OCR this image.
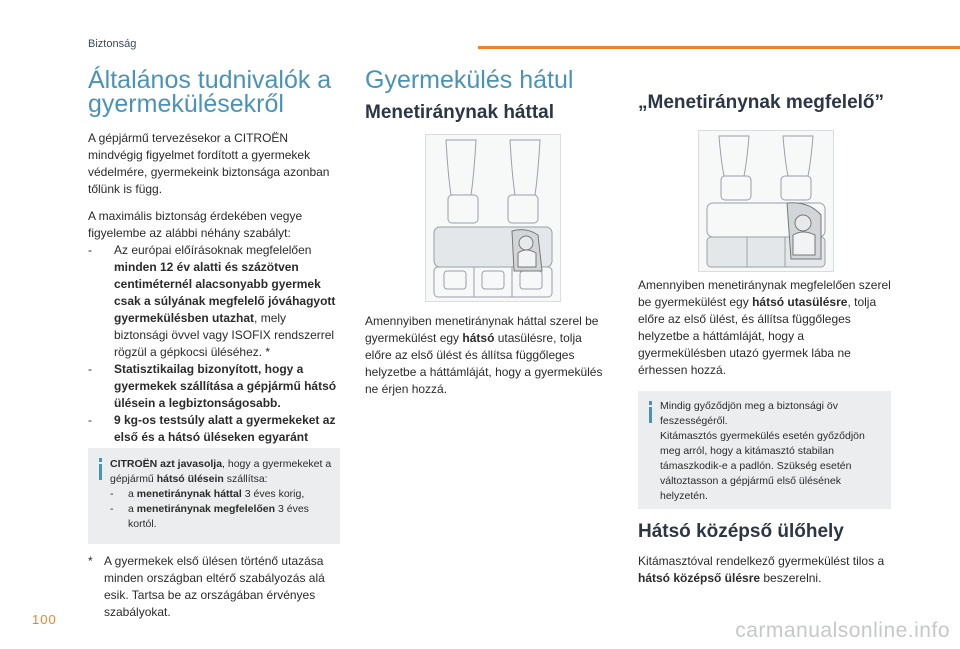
Biztonság
Általános tudnivalók a gyermekülésekről

A gépjármű tervezésekor a CITROËN mindvégig figyelmet fordított a gyermekek védelmére, gyermekeink biztonsága azonban tőlünk is függ.

A maximális biztonság érdekében vegye figyelembe az alábbi néhány szabályt:

-	Az európai előírásoknak megfelelően minden 12 év alatti és százötven centiméternél alacsonyabb gyermek csak a súlyának megfelelő jóváhagyott gyermekülésben utazhat, mely biztonsági övvel vagy ISOFIX rendszerrel rögzül a gépkocsi üléséhez. *
-	Statisztikailag bizonyított, hogy a gyermekek szállítása a gépjármű hátsó ülésein a legbiztonságosabb.
-	9 kg-os testsúly alatt a gyermekeket az első és a hátsó üléseken egyaránt
CITROËN azt javasolja, hogy a gyermekeket a gépjármű hátsó ülésein szállítsa:
-	a menetiránynak háttal 3 éves korig,
-	a menetiránynak megfelelően 3 éves kortól.
* A gyermekek első ülésen történő utazása minden országban eltérő szabályozás alá esik. Tartsa be az országában érvényes szabályokat.
100
Gyermekülés hátul
Menetiránynak háttal

Amennyiben menetiránynak háttal szerel be gyermekülést egy hátsó utasülésre, tolja előre az első ülést és állítsa függőleges helyzetbe a háttámláját, hogy a gyermekülés ne érjen hozzá.

„Menetiránynak megfelelő”

Amennyiben menetiránynak megfelelően szerel be gyermekülést egy hátsó utasülésre, tolja előre az első ülést, és állítsa függőleges helyzetbe a háttámláját, hogy a gyermekülésben utazó gyermek lába ne érhessen hozzá.

Mindig győződjön meg a biztonsági öv feszességéről.
Kitámasztós gyermekülés esetén győződjön meg arról, hogy a kitámasztó stabilan támaszkodik-e a padlón. Szükség esetén változtasson a gépjármű első ülésének helyzetén.
Hátsó középső ülőhely

Kitámasztóval rendelkező gyermekülést tilos a hátsó középső ülésre beszerelni.

carmanualsonline.info
